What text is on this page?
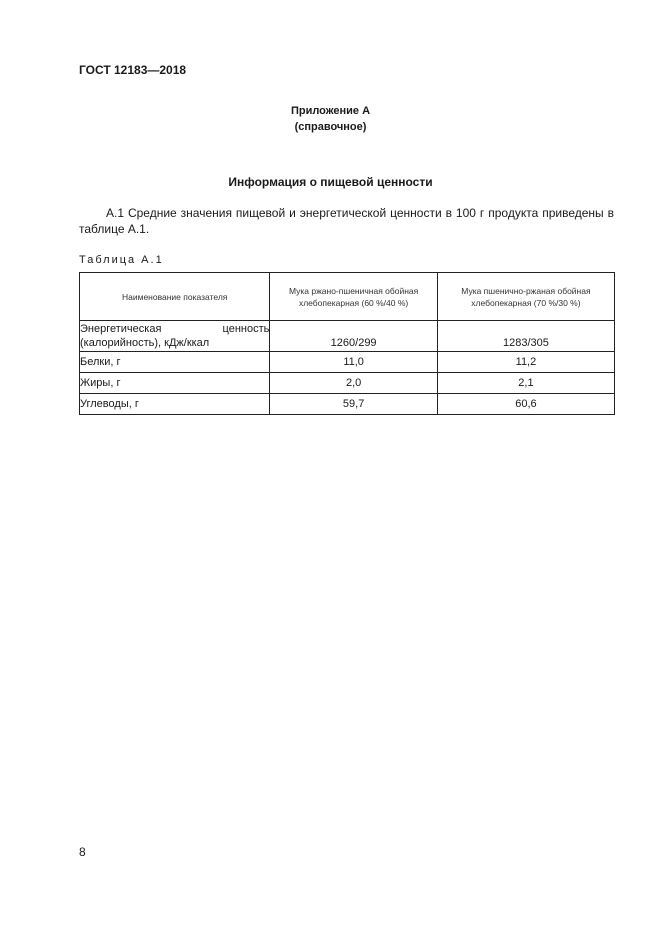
ГОСТ 12183—2018
Приложение А
(справочное)
Информация о пищевой ценности
А.1 Средние значения пищевой и энергетической ценности в 100 г продукта приведены в таблице А.1.
Таблица А.1
Наименование показателя	Мука ржано-пшеничная обойная хлебопекарная (60 %/40 %)	Мука пшенично-ржаная обойная хлебопекарная (70 %/30 %)
Энергетическая ценность (калорийность), кДж/ккал	1260/299	1283/305
Белки, г	11,0	11,2
Жиры, г	2,0	2,1
Углеводы, г	59,7	60,6
8
